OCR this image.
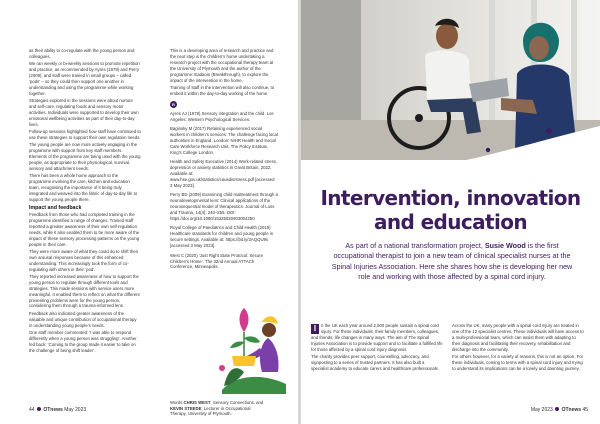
as their ability to co-regulate with the young person and colleagues.

We ran weekly or bi-weekly sessions to promote repetition and practice, as recommended by Ayres (1979) and Perry (2009), and staff were trained in small groups – called ‘pods’ – so they could then support one another in understanding and using the programme while working together.

Strategies explored in the sessions were about nurture and self-care, regulating foods and sensory motor activities. Individuals were supported to develop their own emotional wellbeing activities as part of their day-to-day lives.

Follow-up sessions highlighted how staff have continued to use these strategies to support their own regulation needs.

The young people are now more actively engaging in the programme with support from key staff members. Elements of the programme are being used with the young people, as appropriate to their physiological, survival, sensory and attachment needs.

There has been a whole home approach to the programme involving the care, kitchen and education team, recognising the importance of it being truly integrated and weaved into the fabric of day-to-day life to support the young people there.

Impact and feedback

Feedback from those who had completed training in the programme identified a range of changes. Trained staff reported a greater awareness of their own self-regulation needs, while it also enabled them to be more aware of the impact of these sensory processing patterns on the young people in their care.

They were more aware of what they could do to shift their own arousal responses because of this enhanced understanding. This increasingly took the form of co-regulating with others in their ‘pod’.

They reported increased awareness of how to support the young person to regulate through different tools and strategies. This made sessions with service users more meaningful. It enabled them to reflect on what the different presenting problems were for the young person, considering them through a trauma-informed lens.

Feedback also indicated greater awareness of the valuable and unique contribution of occupational therapy in understanding young people’s needs.

One staff member commented: ‘I was able to respond differently when a young person was struggling’. Another fed back: ‘Coming to the group made it easier to take on the challenge of being shift leader’.

This is a developing area of research and practice and the next step is the children’s home undertaking a research project with the occupational therapy team at the University of Plymouth and the author of the programme: Eadaoin (Breakthrough), to explore the impact of the intervention in the home.

Training of staff in the intervention will also continue, to embed it within the day-to-day working of the home.

R

Ayres AJ (1979) Sensory integration and the child. Los Angeles: Western Psychological Services.

Baginsky M (2017) Retaining experienced social workers in children’s services: The challenge facing local authorities in England. London: NIHR Health and Social Care Workforce Research Unit, The Policy Institute, King’s College London.

Health and Safety Executive (2014) Work-related stress, depression or anxiety statistics in Great Britain, 2022. Available at: www.hse.gov.uk/statistics/causdis/stress.pdf [accessed 3 May 2023].

Perry BD (2009) Examining child maltreatment through a neurodevelopmental lens: Clinical applications of the neurosequential model of therapeutics. Journal of Loss and Trauma, 14(4): 240–255. DOI: https://doi.org/10.1080/15325020903004350

Royal College of Paediatrics and Child Health (2019) Healthcare standards for children and young people in secure settings. Available at: https://bit.ly/3AQQU9s [accessed 3 May 2023].

West C (2020) ‘Just Right State Protocol: Secure Children’s Home’. The 32nd Annual ATTACh Conference, Minneapolis.

Words CHRIS WEST, Sensory Connections, and KEVIN STEEDE, Lecturer in Occupational Therapy, University of Plymouth.
44 OTnews May 2023
Intervention, innovation
and education
As part of a national transformation project, Susie Wood is the first occupational therapist to join a new team of clinical specialist nurses at the Spinal Injuries Association. Here she shares how she is developing her new role and working with those affected by a spinal cord injury.

I	n the UK each year around 2,500 people sustain a spinal cord injury. For these individuals, their family members, colleagues, and friends, life changes in many ways. The aim of The Spinal Injuries Association is to provide support and to facilitate a fulfilled life for those affected by a spinal cord injury diagnosis.

The charity provides peer support, counselling, advocacy, and signposting to a series of trusted partners. It has also built a specialist academy to educate carers and healthcare professionals.

Across the UK, many people with a spinal cord injury are treated in one of the 12 specialist centres. These individuals will have access to a multi-professional team, which can assist them with adapting to their diagnosis and facilitating their recovery, rehabilitation and discharge into the community.

For others however, for a variety of reasons, this is not an option. For these individuals, coming to terms with a spinal cord injury and trying to understand its implications can be a lonely and daunting journey.

May 2023 OTnews 45
